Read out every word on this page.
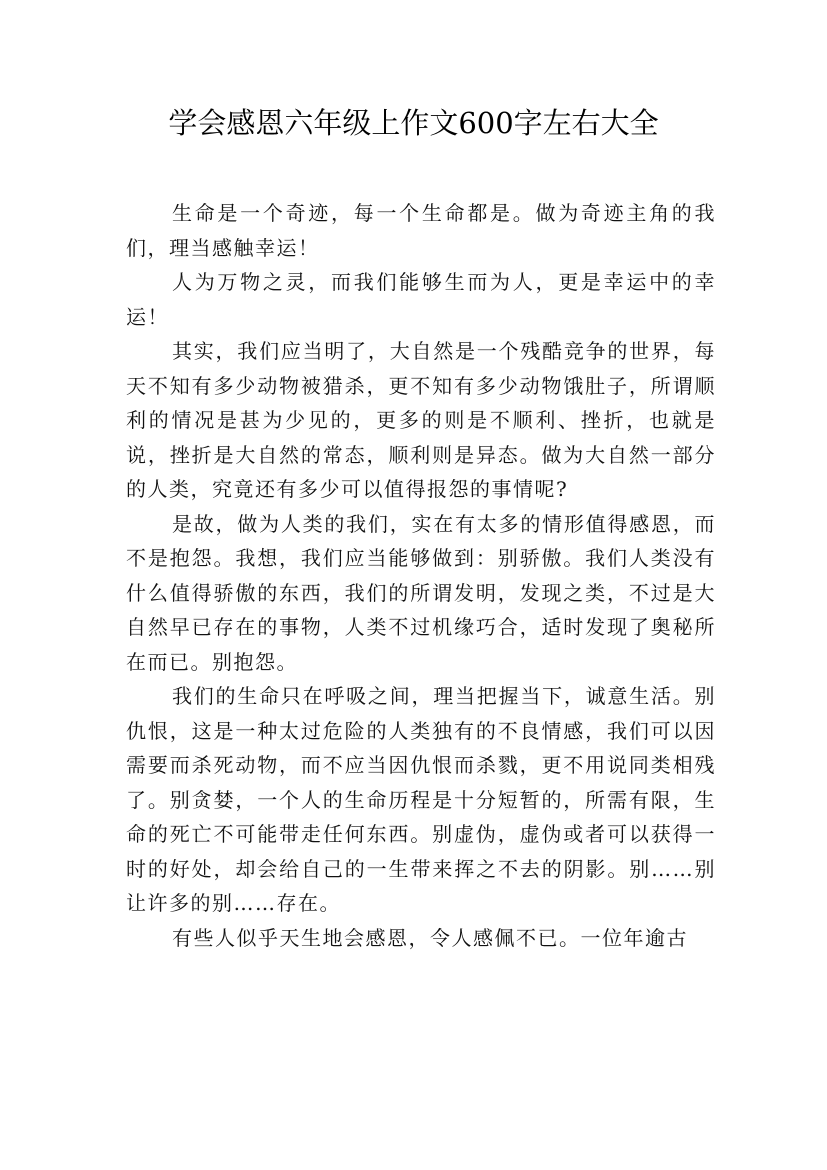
学会感恩六年级上作文600字左右大全

生命是一个奇迹，每一个生命都是。做为奇迹主角的我们，理当感触幸运！

人为万物之灵，而我们能够生而为人，更是幸运中的幸运！

其实，我们应当明了，大自然是一个残酷竞争的世界，每天不知有多少动物被猎杀，更不知有多少动物饿肚子，所谓顺利的情况是甚为少见的，更多的则是不顺利、挫折，也就是说，挫折是大自然的常态，顺利则是异态。做为大自然一部分的人类，究竟还有多少可以值得报怨的事情呢?

是故，做为人类的我们，实在有太多的情形值得感恩，而不是抱怨。我想，我们应当能够做到：别骄傲。我们人类没有什么值得骄傲的东西，我们的所谓发明，发现之类，不过是大自然早已存在的事物，人类不过机缘巧合，适时发现了奥秘所在而已。别抱怨。

我们的生命只在呼吸之间，理当把握当下，诚意生活。别仇恨，这是一种太过危险的人类独有的不良情感，我们可以因需要而杀死动物，而不应当因仇恨而杀戮，更不用说同类相残了。别贪婪，一个人的生命历程是十分短暂的，所需有限，生命的死亡不可能带走任何东西。别虚伪，虚伪或者可以获得一时的好处，却会给自己的一生带来挥之不去的阴影。别……别让许多的别……存在。

有些人似乎天生地会感恩，令人感佩不已。一位年逾古
